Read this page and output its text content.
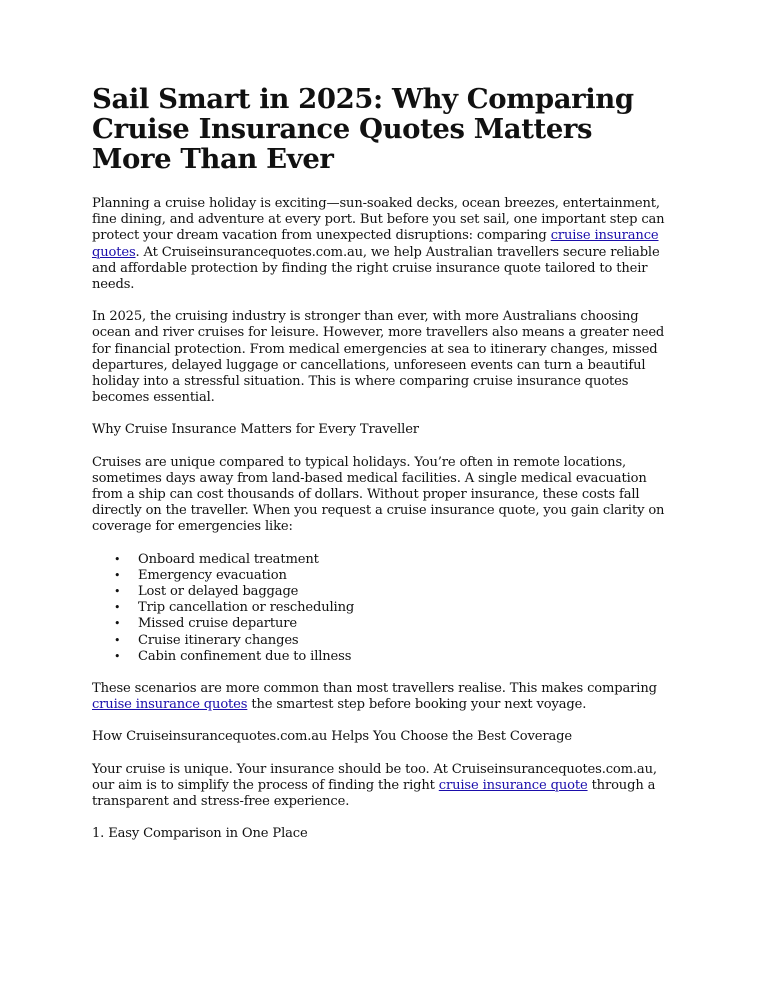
Sail Smart in 2025: Why Comparing Cruise Insurance Quotes Matters More Than Ever

Planning a cruise holiday is exciting—sun-soaked decks, ocean breezes, entertainment, fine dining, and adventure at every port. But before you set sail, one important step can protect your dream vacation from unexpected disruptions: comparing cruise insurance quotes. At Cruiseinsurancequotes.com.au, we help Australian travellers secure reliable and affordable protection by finding the right cruise insurance quote tailored to their needs.

In 2025, the cruising industry is stronger than ever, with more Australians choosing ocean and river cruises for leisure. However, more travellers also means a greater need for financial protection. From medical emergencies at sea to itinerary changes, missed departures, delayed luggage or cancellations, unforeseen events can turn a beautiful holiday into a stressful situation. This is where comparing cruise insurance quotes becomes essential.

Why Cruise Insurance Matters for Every Traveller

Cruises are unique compared to typical holidays. You’re often in remote locations, sometimes days away from land-based medical facilities. A single medical evacuation from a ship can cost thousands of dollars. Without proper insurance, these costs fall directly on the traveller. When you request a cruise insurance quote, you gain clarity on coverage for emergencies like:

• Onboard medical treatment
• Emergency evacuation
• Lost or delayed baggage
• Trip cancellation or rescheduling
• Missed cruise departure
• Cruise itinerary changes
• Cabin confinement due to illness

These scenarios are more common than most travellers realise. This makes comparing cruise insurance quotes the smartest step before booking your next voyage.

How Cruiseinsurancequotes.com.au Helps You Choose the Best Coverage

Your cruise is unique. Your insurance should be too. At Cruiseinsurancequotes.com.au, our aim is to simplify the process of finding the right cruise insurance quote through a transparent and stress-free experience.

1. Easy Comparison in One Place
